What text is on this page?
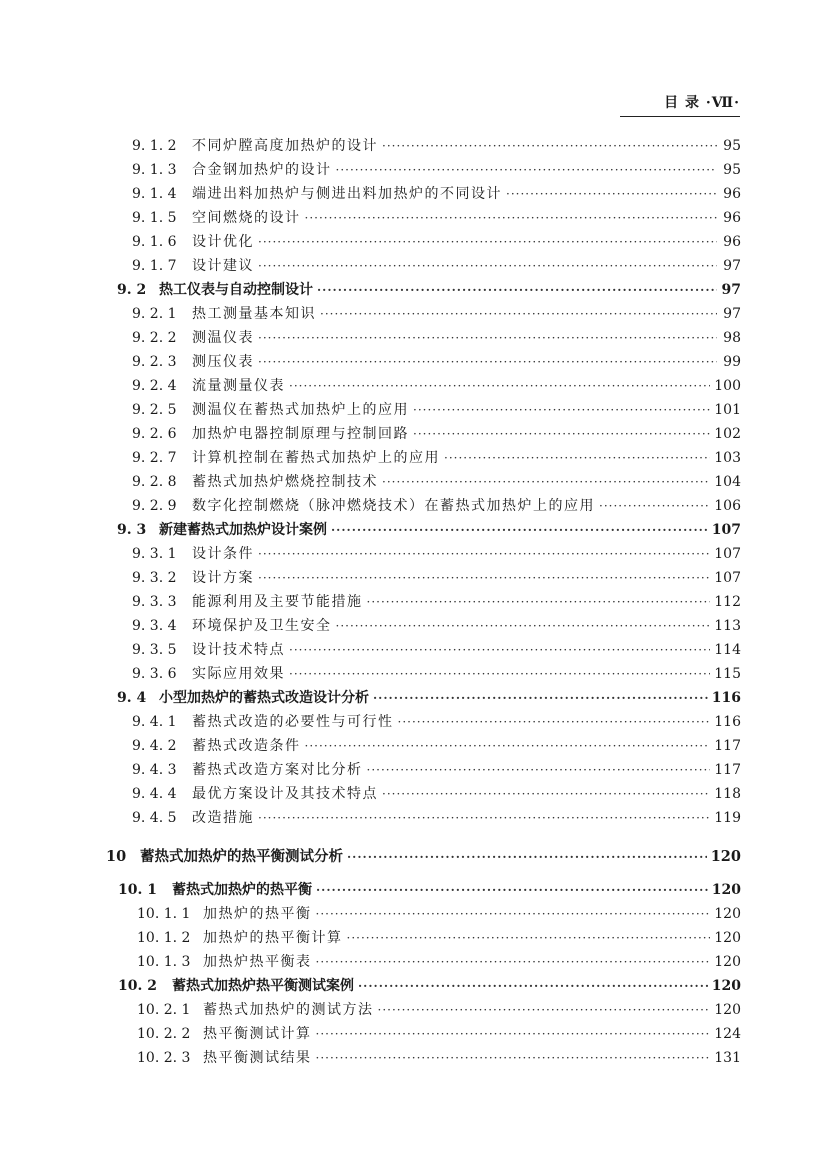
目 录 ·Ⅶ·
9. 1. 2	不同炉膛高度加热炉的设计 ·····	95
9. 1. 3	合金钢加热炉的设计 ·····	95
9. 1. 4	端进出料加热炉与侧进出料加热炉的不同设计 ·····	96
9. 1. 5	空间燃烧的设计 ·····	96
9. 1. 6	设计优化 ·····	96
9. 1. 7	设计建议 ·····	97
9. 2 热工仪表与自动控制设计 ·····	97
9. 2. 1	热工测量基本知识 ·····	97
9. 2. 2	测温仪表 ·····	98
9. 2. 3	测压仪表 ·····	99
9. 2. 4	流量测量仪表 ·····	100
9. 2. 5	测温仪在蓄热式加热炉上的应用 ·····	101
9. 2. 6	加热炉电器控制原理与控制回路 ·····	102
9. 2. 7	计算机控制在蓄热式加热炉上的应用 ·····	103
9. 2. 8	蓄热式加热炉燃烧控制技术 ·····	104
9. 2. 9	数字化控制燃烧（脉冲燃烧技术）在蓄热式加热炉上的应用 ·····	106
9. 3 新建蓄热式加热炉设计案例 ·····	107
9. 3. 1	设计条件 ·····	107
9. 3. 2	设计方案 ·····	107
9. 3. 3	能源利用及主要节能措施 ·····	112
9. 3. 4	环境保护及卫生安全 ·····	113
9. 3. 5	设计技术特点 ·····	114
9. 3. 6	实际应用效果 ·····	115
9. 4 小型加热炉的蓄热式改造设计分析 ·····	116
9. 4. 1	蓄热式改造的必要性与可行性 ·····	116
9. 4. 2	蓄热式改造条件 ·····	117
9. 4. 3	蓄热式改造方案对比分析 ·····	117
9. 4. 4	最优方案设计及其技术特点 ·····	118
9. 4. 5	改造措施 ·····	119
10 蓄热式加热炉的热平衡测试分析 ·····	120
10. 1	蓄热式加热炉的热平衡 ·····	120
10. 1. 1 加热炉的热平衡 ·····	120
10. 1. 2 加热炉的热平衡计算 ·····	120
10. 1. 3 加热炉热平衡表 ·····	120
10. 2	蓄热式加热炉热平衡测试案例 ·····	120
10. 2. 1 蓄热式加热炉的测试方法 ·····	120
10. 2. 2 热平衡测试计算 ·····	124
10. 2. 3 热平衡测试结果 ·····	131
